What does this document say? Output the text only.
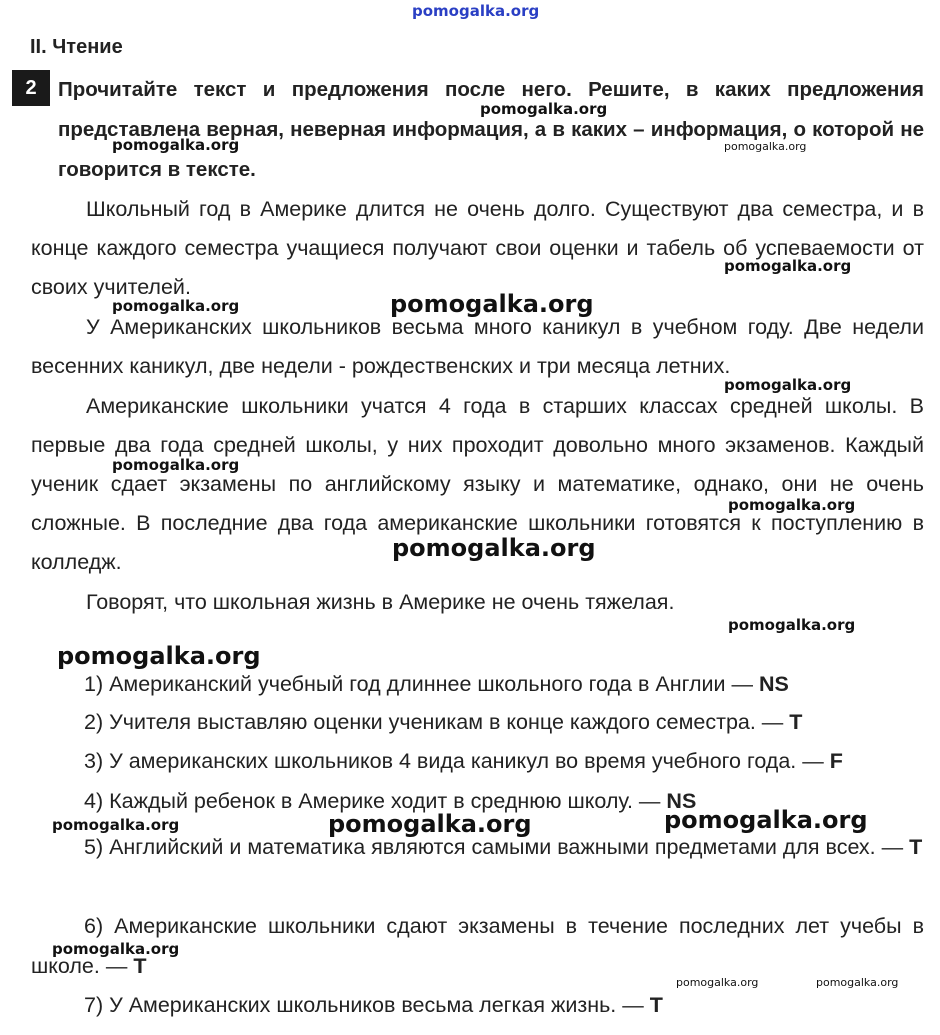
pomogalka.org
pomogalka.org
pomogalka.org	pomogalka.org
pomogalka.org
pomogalka.org	pomogalka.org
pomogalka.org
pomogalka.org
pomogalka.org
pomogalka.org
pomogalka.org
pomogalka.org
pomogalka.org	pomogalka.org	pomogalka.org
pomogalka.org
pomogalka.org	pomogalka.org
II. Чтение
2	Прочитайте текст и предложения после него. Решите, в каких предложения представлена верная, неверная информация, а в каких – информация, о которой не говорится в тексте.

Школьный год в Америке длится не очень долго. Существуют два семестра, и в конце каждого семестра учащиеся получают свои оценки и табель об успеваемости от своих учителей.

У Американских школьников весьма много каникул в учебном году. Две недели весенних каникул, две недели - рождественских и три месяца летних.

Американские школьники учатся 4 года в старших классах средней школы. В первые два года средней школы, у них проходит довольно много экзаменов. Каждый ученик сдает экзамены по английскому языку и математике, однако, они не очень сложные. В последние два года американские школьники готовятся к поступлению в колледж.

Говорят, что школьная жизнь в Америке не очень тяжелая.

1) Американский учебный год длиннее школьного года в Англии — NS
2) Учителя выставляю оценки ученикам в конце каждого семестра. — T
3) У американских школьников 4 вида каникул во время учебного года. — F
4) Каждый ребенок в Америке ходит в среднюю школу. — NS

5) Английский и математика являются самыми важными предметами для всех. — T

6) Американские школьники сдают экзамены в течение последних лет учебы в школе. — T

7) У Американских школьников весьма легкая жизнь. — T
